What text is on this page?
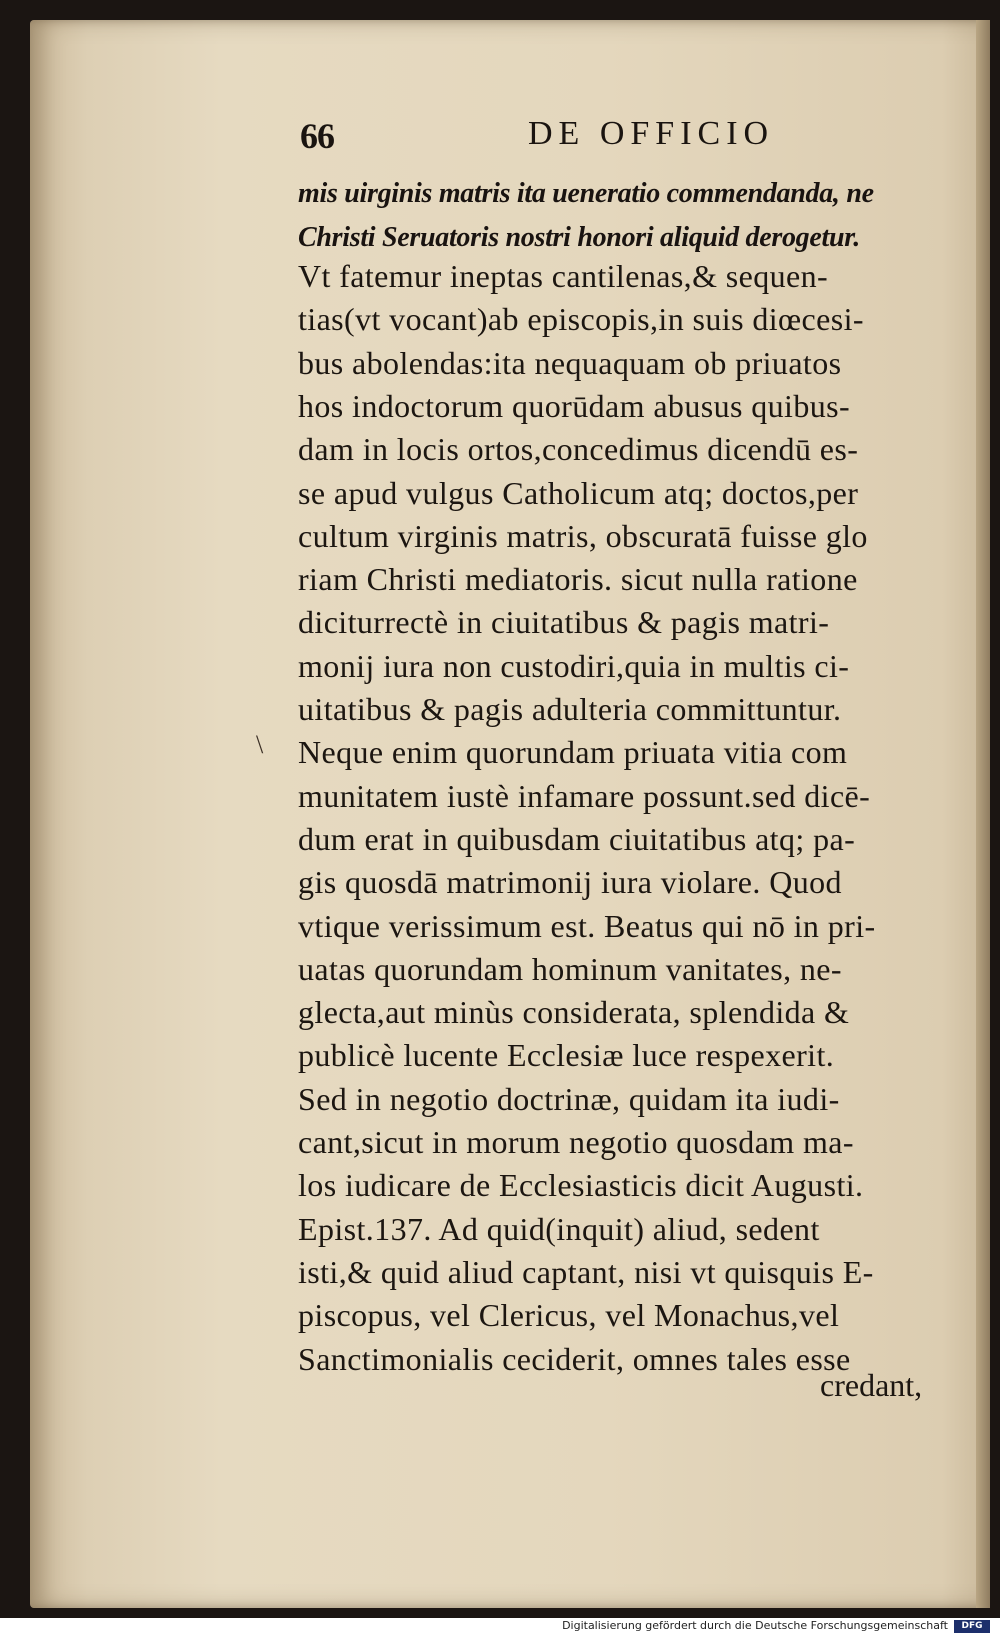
66	DE OFFICIO
mis uirginis matris ita ueneratio commendanda, ne
Christi Seruatoris nostri honori aliquid derogetur.
Vt fatemur ineptas cantilenas,& sequen-
tias(vt vocant)ab episcopis,in suis diœcesi-
bus abolendas:ita nequaquam ob priuatos
hos indoctorum quorūdam abusus quibus-
dam in locis ortos,concedimus dicendū es-
se apud vulgus Catholicum atq; doctos,per
cultum virginis matris, obscuratā fuisse glo
riam Christi mediatoris. sicut nulla ratione
diciturrectè in ciuitatibus & pagis matri-
monij iura non custodiri,quia in multis ci-
uitatibus & pagis adulteria committuntur.
Neque enim quorundam priuata vitia com
munitatem iustè infamare possunt.sed dicē-
dum erat in quibusdam ciuitatibus atq; pa-
gis quosdā matrimonij iura violare. Quod
vtique verissimum est. Beatus qui nō in pri-
uatas quorundam hominum vanitates, ne-
glecta,aut minùs considerata, splendida &
publicè lucente Ecclesiæ luce respexerit.
Sed in negotio doctrinæ, quidam ita iudi-
cant,sicut in morum negotio quosdam ma-
los iudicare de Ecclesiasticis dicit Augusti.
Epist.137. Ad quid(inquit) aliud, sedent
isti,& quid aliud captant, nisi vt quisquis E-
piscopus, vel Clericus, vel Monachus,vel
Sanctimonialis ceciderit, omnes tales esse
\
credant,
Digitalisierung gefördert durch die Deutsche Forschungsgemeinschaft	DFG
